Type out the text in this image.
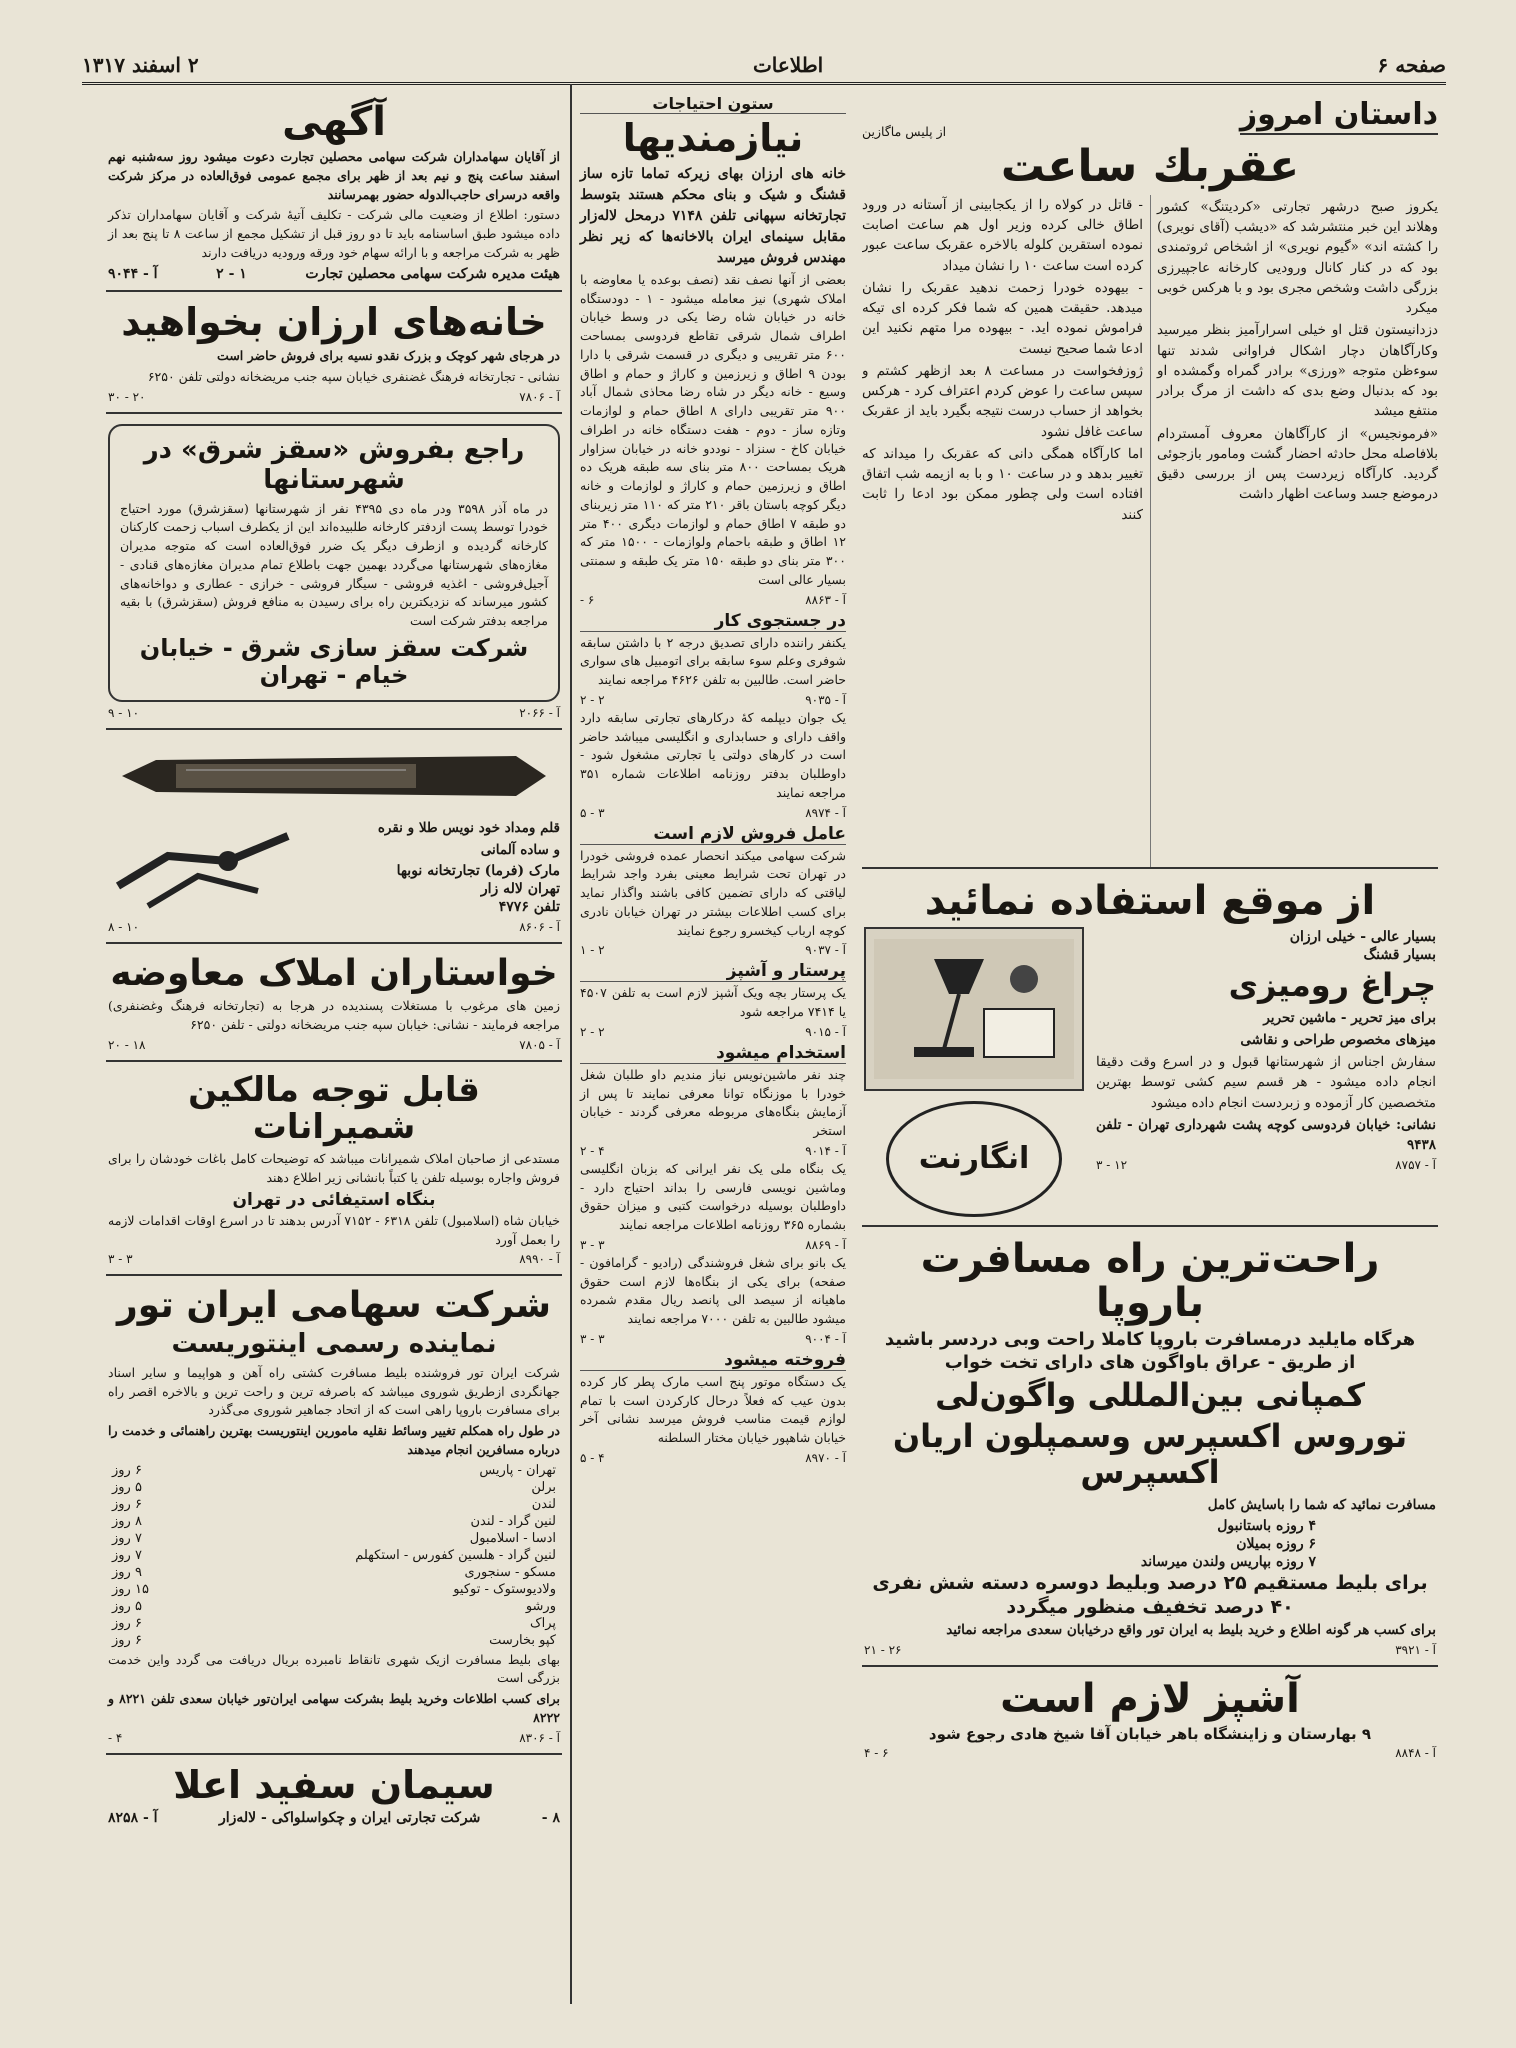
صفحه ۶
اطلاعات
۲ اسفند ۱۳۱۷
داستان امروز
از پلیس ماگازین
عقربك ساعت

یکروز صبح درشهر تجارتی «کردیتنگ» کشور وهلاند این خبر منتشرشد که «دیشب (آقای نویری) را کشته اند» «گیوم نویری» از اشخاص ثروتمندی بود که در کنار کانال ورودیی کارخانه عاجپیرزی بزرگی داشت وشخص مجری بود و با هرکس خوبی میکرد

دزدانیستون قتل او خیلی اسرارآمیز بنظر میرسید وکارآگاهان دچار اشکال فراوانی شدند تنها سوءظن متوجه «ورزی» برادر گمراه وگمشده او بود که بدنبال وضع بدی که داشت از مرگ برادر منتفع میشد

«فرمونجیس» از کارآگاهان معروف آمستردام بلافاصله محل حادثه احضار گشت ومامور بازجوئی گردید. کارآگاه زیردست پس از بررسی دقیق درموضع جسد وساعت اظهار داشت

- قاتل در کولاه را از یکجابینی از آستانه در ورود اطاق خالی کرده وزیر اول هم ساعت اصابت نموده استقرین کلوله بالاخره عقربک ساعت عبور کرده است ساعت ۱۰ را نشان میداد

- بیهوده خودرا زحمت ندهید عقربک را نشان میدهد. حقیقت همین که شما فکر کرده ای تیکه فراموش نموده اید. - بیهوده مرا متهم نکنید این ادعا شما صحیح نیست

ژوزفخواست در مساعت ۸ بعد ازظهر کشتم و سپس ساعت را عوض کردم اعتراف کرد - هرکس بخواهد از حساب درست نتیجه بگیرد باید از عقربک ساعت غافل نشود

اما کارآگاه همگی دانی که عقربک را میداند که تغییر بدهد و در ساعت ۱۰ و با به ازیمه شب اتفاق افتاده است ولی چطور ممکن بود ادعا را ثابت کنند

از موقع استفاده نمائید
بسیار عالی - خیلی ارزان
بسیار قشنگ
چراغ رومیزی

برای میز تحریر - ماشین تحریر

میزهای مخصوص طراحی و نقاشی

سفارش اجناس از شهرستانها قبول و در اسرع وقت دقیقا انجام داده میشود - هر قسم سیم کشی توسط بهترین متخصصین کار آزموده و زبردست انجام داده میشود

نشانی: خیابان فردوسی کوچه پشت شهرداری تهران - تلفن ۹۴۳۸

آ - ۸۷۵۷
۱۲ - ۳
انگارنت
راحت‌ترین راه مسافرت باروپا
هرگاه مایلید درمسافرت باروپا کاملا راحت وبی دردسر باشید
از طریق - عراق باواگون های دارای تخت خواب
کمپانی بین‌المللی واگون‌لی
توروس اکسپرس وسمپلون اریان اکسپرس

مسافرت نمائید که شما را باسایش کامل

۴ روزه باستانبول
۶ روزه بمیلان
۷ روزه بپاریس ولندن میرساند
برای بلیط مستقیم ۲۵ درصد وبلیط دوسره دسته شش نفری
۴۰ درصد تخفیف منظور میگردد

برای کسب هر گونه اطلاع و خرید بلیط به ایران تور واقع درخیابان سعدی مراجعه نمائید

آ - ۳۹۲۱
۲۶ - ۲۱
آشپز لازم است
۹ بهارستان و زاینشگاه باهر خیابان آقا شیخ هادی رجوع شود
آ - ۸۸۴۸
۶ - ۴
ستون احتیاجات
نیازمندیها

خانه های ارزان بهای زیرکه تماما تازه ساز قشنگ و شیک و بنای محکم هستند بتوسط تجارتخانه سپهانی تلفن ۷۱۴۸ درمحل لاله‌زار مقابل سینمای ایران بالاخانه‌ها که زیر نظر مهندس فروش میرسد

بعضی از آنها نصف نقد (نصف بوعده یا معاوضه با املاک شهری) نیز معامله میشود - ۱ - دودستگاه خانه در خیابان شاه رضا یکی در وسط خیابان اطراف شمال شرقی تقاطع فردوسی بمساحت ۶۰۰ متر تقریبی و دیگری در قسمت شرقی با دارا بودن ۹ اطاق و زیرزمین و کاراژ و حمام و اطاق وسیع - خانه دیگر در شاه رضا محاذی شمال آباد ۹۰۰ متر تقریبی دارای ۸ اطاق حمام و لوازمات وتازه ساز - دوم - هفت دستگاه خانه در اطراف خیابان کاخ - سنزاد - نوددو خانه در خیابان سزاوار هریک بمساحت ۸۰۰ متر بنای سه طبقه هریک ده اطاق و زیرزمین حمام و کاراژ و لوازمات و خانه دیگر کوچه باستان باقر ۲۱۰ متر که ۱۱۰ متر زیربنای دو طبقه ۷ اطاق حمام و لوازمات دیگری ۴۰۰ متر ۱۲ اطاق و طبقه باحمام ولوازمات - ۱۵۰۰ متر که ۳۰۰ متر بنای دو طبقه ۱۵۰ متر یک طبقه و سمنتی بسیار عالی است

آ - ۸۸۶۳
۶ -
در جستجوی کار

یکنفر راننده دارای تصدیق درجه ۲ با داشتن سابقه شوفری وعلم سوء سابقه برای اتومبیل های سواری حاضر است. طالبین به تلفن ۴۶۲۶ مراجعه نمایند

آ - ۹۰۳۵
۲ - ۲

یک جوان دیپلمه کهٔ درکارهای تجارتی سابقه دارد واقف دارای و حسابداری و انگلیسی میباشد حاضر است در کارهای دولتی یا تجارتی مشغول شود - داوطلبان بدفتر روزنامه اطلاعات شماره ۳۵۱ مراجعه نمایند

آ - ۸۹۷۴
۳ - ۵
عامل فروش لازم است

شرکت سهامی میکند انحصار عمده فروشی خودرا در تهران تحت شرایط معینی بفرد واجد شرایط لیاقتی که دارای تضمین کافی باشند واگذار نماید برای کسب اطلاعات بیشتر در تهران خیابان نادری کوچه ارباب کیخسرو رجوع نمایند

آ - ۹۰۳۷
۲ - ۱
پرستار و آشپز

یک پرستار بچه ویک آشپز لازم است به تلفن ۴۵۰۷ یا ۷۴۱۴ مراجعه شود

آ - ۹۰۱۵
۲ - ۲
استخدام میشود

چند نفر ماشین‌نویس نیاز مندیم داو طلبان شغل خودرا با موزنگاه توانا معرفی نمایند تا پس از آزمایش بنگاه‌های مربوطه معرفی گردند - خیابان استخر

آ - ۹۰۱۴
۴ - ۲

یک بنگاه ملی یک نفر ایرانی که بزبان انگلیسی وماشین نویسی فارسی را بداند احتیاج دارد - داوطلبان بوسیله درخواست کتبی و میزان حقوق بشماره ۳۶۵ روزنامه اطلاعات مراجعه نمایند

آ - ۸۸۶۹
۳ - ۳

یک بانو برای شغل فروشندگی (رادیو - گرامافون - صفحه) برای یکی از بنگاه‌ها لازم است حقوق ماهیانه از سیصد الی پانصد ریال مقدم شمرده میشود طالبین به تلفن ۷۰۰۰ مراجعه نمایند

آ - ۹۰۰۴
۳ - ۳
فروخته میشود

یک دستگاه موتور پنج اسب مارک پطر کار کرده بدون عیب که فعلاً درحال کارکردن است با تمام لوازم قیمت مناسب فروش میرسد نشانی آخر خیابان شاهپور خیابان مختار السلطنه

آ - ۸۹۷۰
۴ - ۵
آگهی

از آقایان سهامداران شرکت سهامی محصلین تجارت دعوت میشود روز سه‌شنبه نهم اسفند ساعت پنج و نیم بعد از ظهر برای مجمع عمومی فوق‌العاده در مرکز شرکت واقعه درسرای حاجب‌الدوله حضور بهمرسانند

دستور: اطلاع از وضعیت مالی شرکت - تکلیف آتیهٔ شرکت و آقایان سهامداران تذکر داده میشود طبق اساسنامه باید تا دو روز قبل از تشکیل مجمع از ساعت ۸ تا پنج بعد از ظهر به شرکت مراجعه و با ارائه سهام خود ورقه ورودیه دریافت دارند

هیئت مدیره شرکت سهامی محصلین تجارت
۱ - ۲
آ - ۹۰۴۴
خانه‌های ارزان بخواهید

در هرجای شهر کوچک و بزرک نقدو نسیه برای فروش حاضر است

نشانی - تجارتخانه فرهنگ غضنفری خیابان سپه جنب مریضخانه دولتی تلفن ۶۲۵۰

آ - ۷۸۰۶
۲۰ - ۳۰
راجع بفروش «سقز شرق» در شهرستانها

در ماه آذر ۳۵۹۸ ودر ماه دی ۴۳۹۵ نفر از شهرستانها (سقزشرق) مورد احتیاج خودرا توسط پست ازدفتر کارخانه طلبیده‌اند این از یکطرف اسباب زحمت کارکنان کارخانه گردیده و ازطرف دیگر یک ضرر فوق‌العاده است که متوجه مدیران مغازه‌های شهرستانها می‌گردد بهمین جهت باطلاع تمام مدیران مغازه‌های قنادی - آجیل‌فروشی - اغذیه فروشی - سیگار فروشی - خرازی - عطاری و دواخانه‌های کشور میرساند که نزدیکترین راه برای رسیدن به منافع فروش (سقزشرق) با بقیه مراجعه بدفتر شرکت است

شرکت سقز سازی شرق - خیابان خیام - تهران
آ - ۲۰۶۶
۱۰ - ۹

قلم ومداد خود نویس طلا و نقره

و ساده آلمانی

مارک (فرما) تجارتخانه نوبها
تهران لاله زار
تلفن ۴۷۷۶
آ - ۸۶۰۶
۱۰ - ۸
خواستاران املاک معاوضه

زمین های مرغوب با مستغلات پسندیده در هرجا به (تجارتخانه فرهنگ وغضنفری) مراجعه فرمایند - نشانی: خیابان سپه جنب مریضخانه دولتی - تلفن ۶۲۵۰

آ - ۷۸۰۵
۱۸ - ۲۰
قابل توجه مالکین شمیرانات

مستدعی از صاحبان املاک شمیرانات میباشد که توضیحات کامل باغات خودشان را برای فروش واجاره بوسیله تلفن یا کتباً بانشانی زیر اطلاع دهند

بنگاه استیفائی در تهران

خیابان شاه (اسلامبول) تلفن ۶۳۱۸ - ۷۱۵۲ آدرس بدهند تا در اسرع اوقات اقدامات لازمه را بعمل آورد

آ - ۸۹۹۰
۳ - ۳
شرکت سهامی ایران تور
نماینده رسمی اینتوریست

شرکت ایران تور فروشنده بلیط مسافرت کشتی راه آهن و هواپیما و سایر اسناد جهانگردی ازطریق شوروی میباشد که باصرفه ترین و راحت ترین و بالاخره اقصر راه برای مسافرت باروپا راهی است که از اتحاد جماهیر شوروی می‌گذرد

در طول راه همکلم تغییر وسائط نقلیه مامورین اینتوریست بهترین راهنمائی و خدمت را درباره مسافرین انجام میدهند

تهران - پاریس	۶ روز
برلن	۵ روز
لندن	۶ روز
لنین گراد - لندن	۸ روز
ادسا - اسلامبول	۷ روز
لنین گراد - هلسین کفورس - استکهلم	۷ روز
مسکو - سنجوری	۹ روز
ولادیوستوک - توکیو	۱۵ روز
ورشو	۵ روز
پراک	۶ روز
کپو بخارست	۶ روز

بهای بلیط مسافرت ازیک شهری تانقاط نامبرده بریال دریافت می گردد واین خدمت بزرگی است

برای کسب اطلاعات وخرید بلیط بشرکت سهامی ایران‌تور خیابان سعدی تلفن ۸۲۲۱ و ۸۲۲۲

آ - ۸۳۰۶
۴ -
سیمان سفید اعلا
۸ -
شرکت تجارتی ایران و چکواسلواکی - لاله‌زار
آ - ۸۲۵۸
